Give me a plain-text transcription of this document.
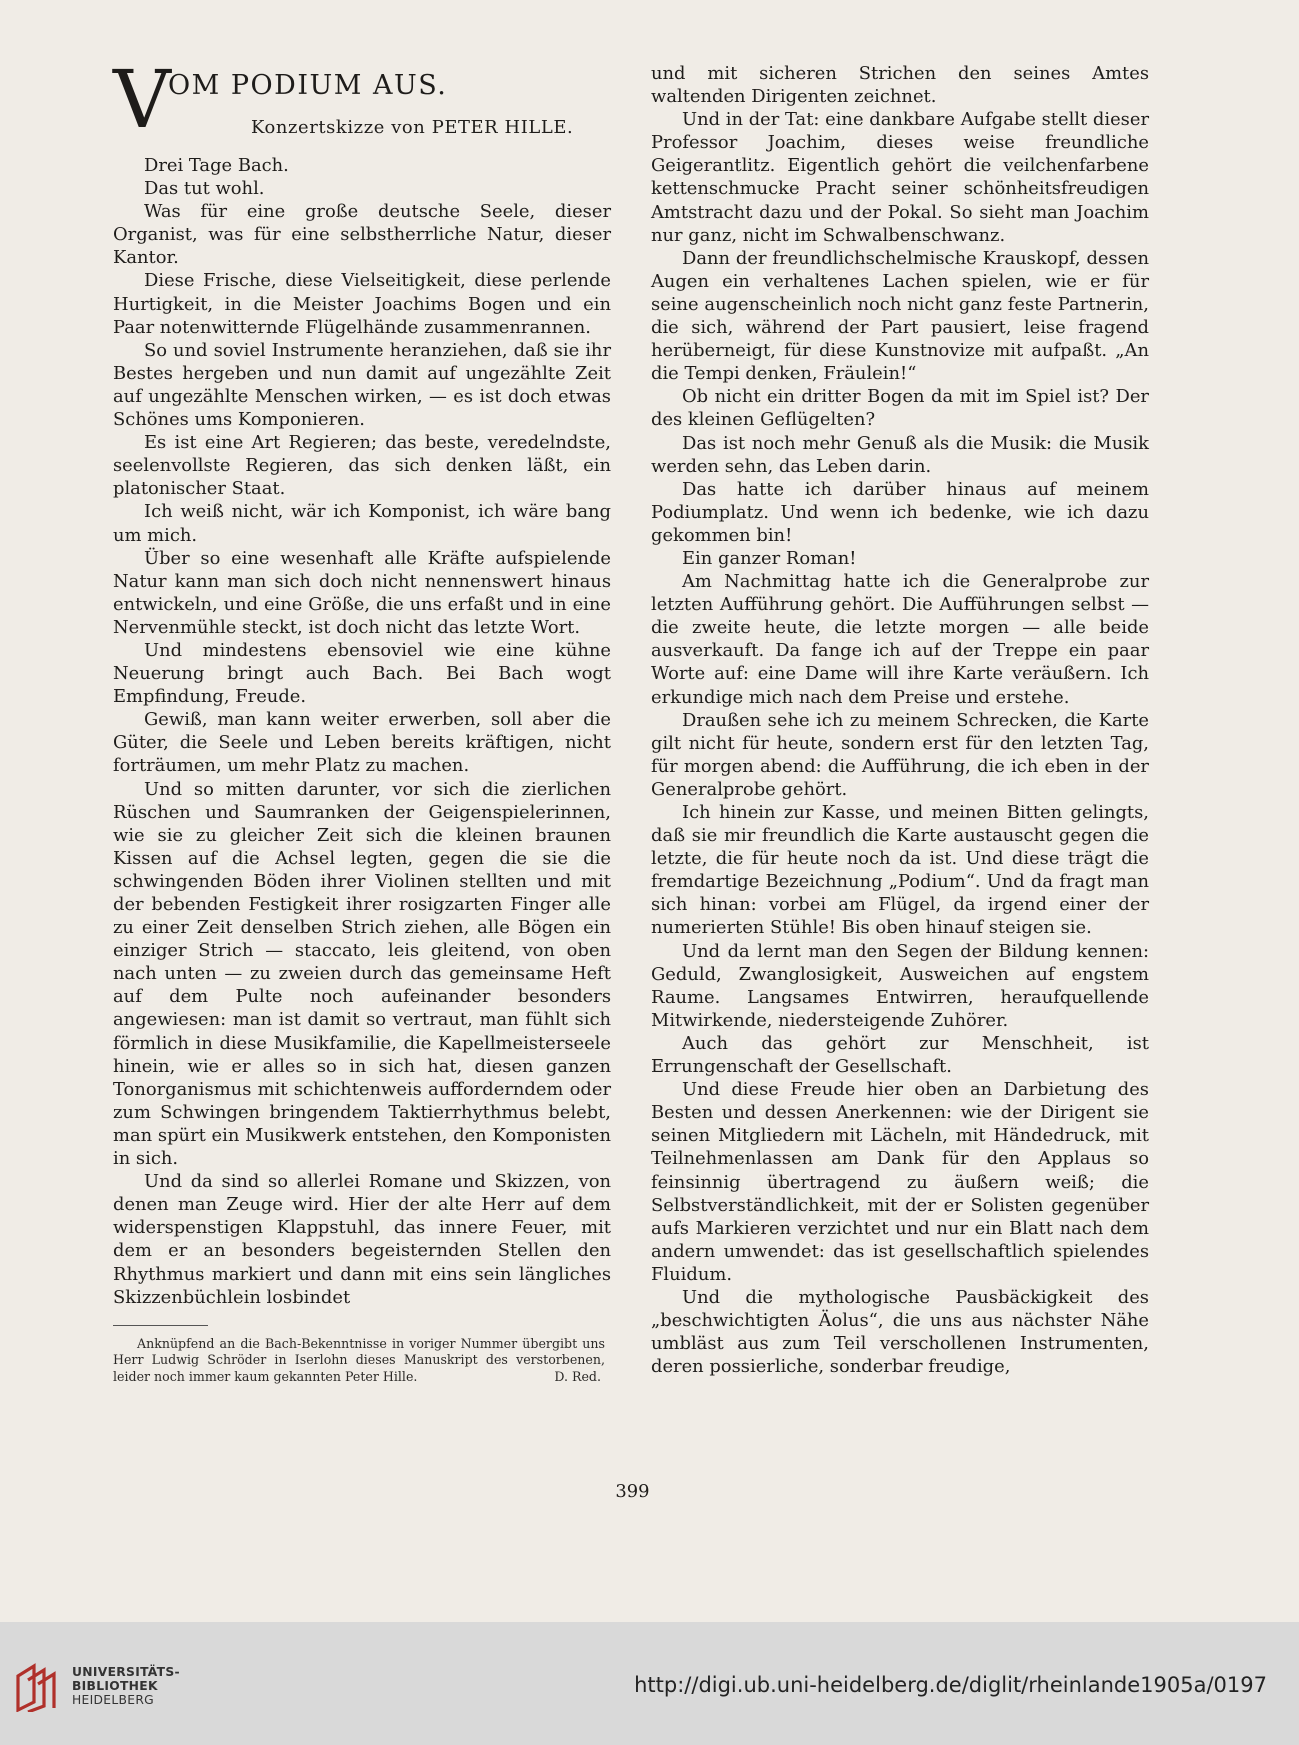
V
OM PODIUM AUS.
Konzertskizze von PETER HILLE.

Drei Tage Bach.

Das tut wohl.

Was für eine große deutsche Seele, dieser Organist, was für eine selbstherrliche Natur, dieser Kantor.

Diese Frische, diese Vielseitigkeit, diese perlende Hurtigkeit, in die Meister Joachims Bogen und ein Paar notenwitternde Flügelhände zusammenrannen.

So und soviel Instrumente heranziehen, daß sie ihr Bestes hergeben und nun damit auf ungezählte Zeit auf ungezählte Menschen wirken, — es ist doch etwas Schönes ums Komponieren.

Es ist eine Art Regieren; das beste, veredelndste, seelenvollste Regieren, das sich denken läßt, ein platonischer Staat.

Ich weiß nicht, wär ich Komponist, ich wäre bang um mich.

Über so eine wesenhaft alle Kräfte aufspielende Natur kann man sich doch nicht nennenswert hinaus entwickeln, und eine Größe, die uns erfaßt und in eine Nervenmühle steckt, ist doch nicht das letzte Wort.

Und mindestens ebensoviel wie eine kühne Neuerung bringt auch Bach. Bei Bach wogt Empfindung, Freude.

Gewiß, man kann weiter erwerben, soll aber die Güter, die Seele und Leben bereits kräftigen, nicht forträumen, um mehr Platz zu machen.

Und so mitten darunter, vor sich die zierlichen Rüschen und Saumranken der Geigenspielerinnen, wie sie zu gleicher Zeit sich die kleinen braunen Kissen auf die Achsel legten, gegen die sie die schwingenden Böden ihrer Violinen stellten und mit der bebenden Festigkeit ihrer rosigzarten Finger alle zu einer Zeit denselben Strich ziehen, alle Bögen ein einziger Strich — staccato, leis gleitend, von oben nach unten — zu zweien durch das gemeinsame Heft auf dem Pulte noch aufeinander besonders angewiesen: man ist damit so vertraut, man fühlt sich förmlich in diese Musikfamilie, die Kapellmeisterseele hinein, wie er alles so in sich hat, diesen ganzen Tonorganismus mit schichtenweis aufforderndem oder zum Schwingen bringendem Taktierrhythmus belebt, man spürt ein Musikwerk entstehen, den Komponisten in sich.

Und da sind so allerlei Romane und Skizzen, von denen man Zeuge wird. Hier der alte Herr auf dem widerspenstigen Klappstuhl, das innere Feuer, mit dem er an besonders begeisternden Stellen den Rhythmus markiert und dann mit eins sein längliches Skizzenbüchlein losbindet

Anknüpfend an die Bach-Bekenntnisse in voriger Nummer übergibt uns Herr Ludwig Schröder in Iserlohn dieses Manuskript des verstorbenen, leider noch immer kaum gekannten Peter Hille.	D. Red.

und mit sicheren Strichen den seines Amtes waltenden Dirigenten zeichnet.

Und in der Tat: eine dankbare Aufgabe stellt dieser Professor Joachim, dieses weise freundliche Geigerantlitz. Eigentlich gehört die veilchenfarbene kettenschmucke Pracht seiner schönheitsfreudigen Amtstracht dazu und der Pokal. So sieht man Joachim nur ganz, nicht im Schwalbenschwanz.

Dann der freundlichschelmische Krauskopf, dessen Augen ein verhaltenes Lachen spielen, wie er für seine augenscheinlich noch nicht ganz feste Partnerin, die sich, während der Part pausiert, leise fragend herüberneigt, für diese Kunstnovize mit aufpaßt. „An die Tempi denken, Fräulein!“

Ob nicht ein dritter Bogen da mit im Spiel ist? Der des kleinen Geflügelten?

Das ist noch mehr Genuß als die Musik: die Musik werden sehn, das Leben darin.

Das hatte ich darüber hinaus auf meinem Podiumplatz. Und wenn ich bedenke, wie ich dazu gekommen bin!

Ein ganzer Roman!

Am Nachmittag hatte ich die Generalprobe zur letzten Aufführung gehört. Die Aufführungen selbst — die zweite heute, die letzte morgen — alle beide ausverkauft. Da fange ich auf der Treppe ein paar Worte auf: eine Dame will ihre Karte veräußern. Ich erkundige mich nach dem Preise und erstehe.

Draußen sehe ich zu meinem Schrecken, die Karte gilt nicht für heute, sondern erst für den letzten Tag, für morgen abend: die Aufführung, die ich eben in der Generalprobe gehört.

Ich hinein zur Kasse, und meinen Bitten gelingts, daß sie mir freundlich die Karte austauscht gegen die letzte, die für heute noch da ist. Und diese trägt die fremdartige Bezeichnung „Podium“. Und da fragt man sich hinan: vorbei am Flügel, da irgend einer der numerierten Stühle! Bis oben hinauf steigen sie.

Und da lernt man den Segen der Bildung kennen: Geduld, Zwanglosigkeit, Ausweichen auf engstem Raume. Langsames Entwirren, heraufquellende Mitwirkende, niedersteigende Zuhörer.

Auch das gehört zur Menschheit, ist Errungenschaft der Gesellschaft.

Und diese Freude hier oben an Darbietung des Besten und dessen Anerkennen: wie der Dirigent sie seinen Mitgliedern mit Lächeln, mit Händedruck, mit Teilnehmenlassen am Dank für den Applaus so feinsinnig übertragend zu äußern weiß; die Selbstverständlichkeit, mit der er Solisten gegenüber aufs Markieren verzichtet und nur ein Blatt nach dem andern umwendet: das ist gesellschaftlich spielendes Fluidum.

Und die mythologische Pausbäckigkeit des „beschwichtigten Äolus“, die uns aus nächster Nähe umbläst aus zum Teil verschollenen Instrumenten, deren possierliche, sonderbar freudige,

399
UNIVERSITÄTS-
BIBLIOTHEK
HEIDELBERG
http://digi.ub.uni-heidelberg.de/diglit/rheinlande1905a/0197
